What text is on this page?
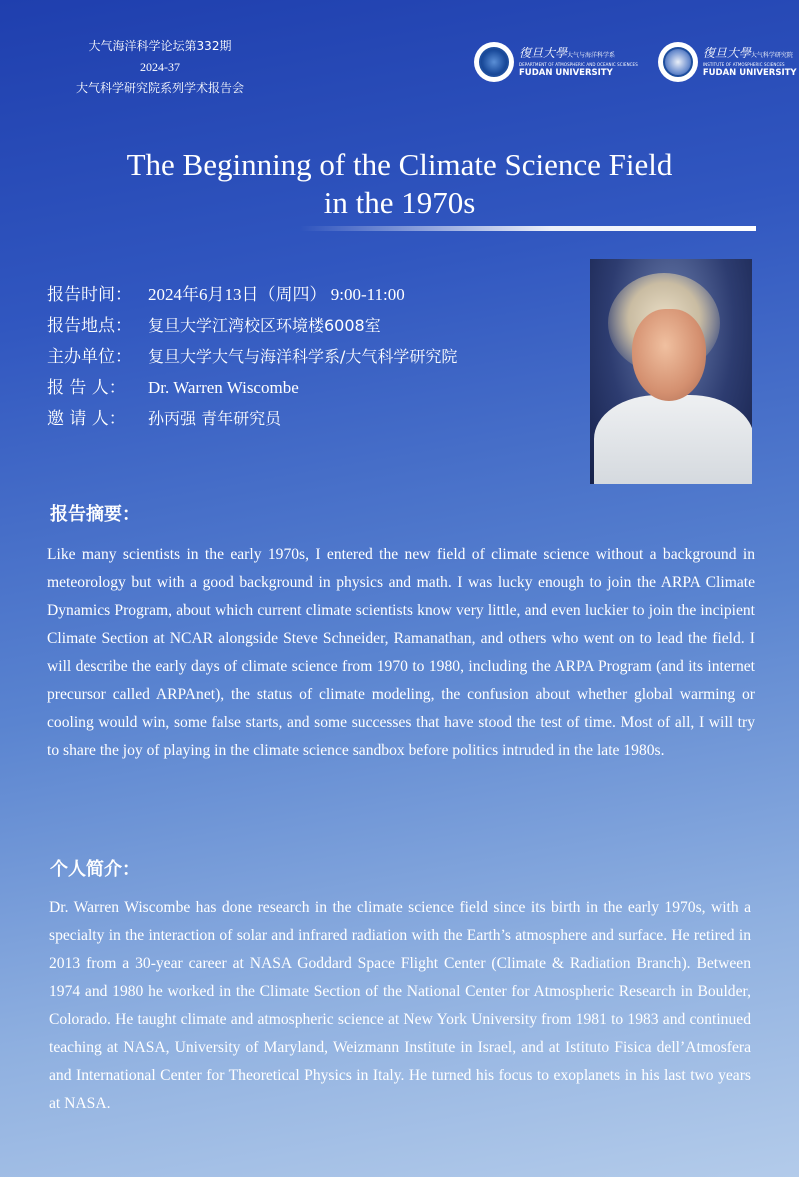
大气海洋科学论坛第332期
2024-37
大气科学研究院系列学术报告会
復旦大學大气与海洋科学系
DEPARTMENT OF ATMOSPHERIC AND OCEANIC SCIENCES
FUDAN UNIVERSITY
復旦大學大气科学研究院
INSTITUTE OF ATMOSPHERIC SCIENCES
FUDAN UNIVERSITY
The Beginning of the Climate Science Field
in the 1970s
报告时间： 2024年6月13日（周四） 9:00-11:00
报告地点： 复旦大学江湾校区环境楼6008室
主办单位： 复旦大学大气与海洋科学系/大气科学研究院
报 告 人： Dr. Warren Wiscombe
邀 请 人： 孙丙强 青年研究员
报告摘要：
Like many scientists in the early 1970s, I entered the new field of climate science without a background in meteorology but with a good background in physics and math. I was lucky enough to join the ARPA Climate Dynamics Program, about which current climate scientists know very little, and even luckier to join the incipient Climate Section at NCAR alongside Steve Schneider, Ramanathan, and others who went on to lead the field. I will describe the early days of climate science from 1970 to 1980, including the ARPA Program (and its internet precursor called ARPAnet), the status of climate modeling, the confusion about whether global warming or cooling would win, some false starts, and some successes that have stood the test of time. Most of all, I will try to share the joy of playing in the climate science sandbox before politics intruded in the late 1980s.
个人简介：
Dr. Warren Wiscombe has done research in the climate science field since its birth in the early 1970s, with a specialty in the interaction of solar and infrared radiation with the Earth’s atmosphere and surface. He retired in 2013 from a 30-year career at NASA Goddard Space Flight Center (Climate & Radiation Branch). Between 1974 and 1980 he worked in the Climate Section of the National Center for Atmospheric Research in Boulder, Colorado. He taught climate and atmospheric science at New York University from 1981 to 1983 and continued teaching at NASA, University of Maryland, Weizmann Institute in Israel, and at Istituto Fisica dell’Atmosfera and International Center for Theoretical Physics in Italy. He turned his focus to exoplanets in his last two years at NASA.
